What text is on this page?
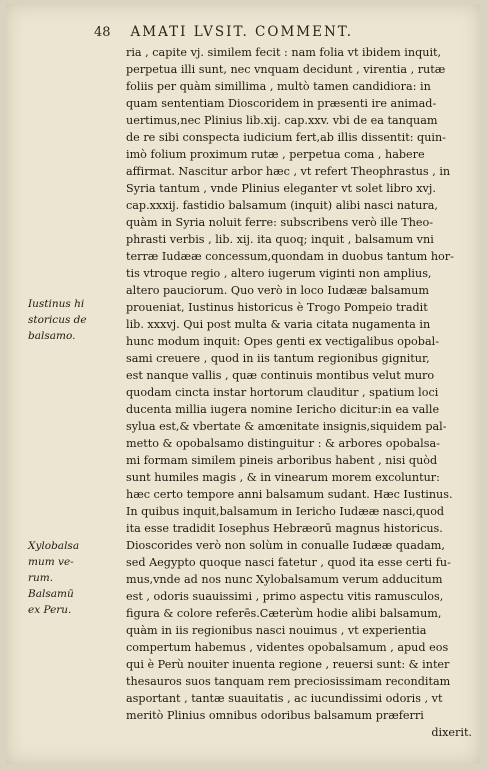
48 AMATI LVSIT. COMMENT.
Iustinus hi
storicus de
balsamo.
Xylobalsa
mum ve-
rum.
Balsamū
ex Peru.
ria , capite vj. similem fecit : nam folia vt ibidem inquit,
perpetua illi sunt, nec vnquam decidunt , virentia , rutæ
foliis per quàm simillima , multò tamen candidiora: in
quam sententiam Dioscoridem in præsenti ire animad-
uertimus,nec Plinius lib.xij. cap.xxv. vbi de ea tanquam
de re sibi conspecta iudicium fert,ab illis dissentit: quin-
imò folium proximum rutæ , perpetua coma , habere
affirmat. Nascitur arbor hæc , vt refert Theophrastus , in
Syria tantum , vnde Plinius eleganter vt solet libro xvj.
cap.xxxij. fastidio balsamum (inquit) alibi nasci natura,
quàm in Syria noluit ferre: subscribens verò ille Theo-
phrasti verbis , lib. xij. ita quoq; inquit , balsamum vni
terræ Iudææ concessum,quondam in duobus tantum hor-
tis vtroque regio , altero iugerum viginti non amplius,
altero pauciorum. Quo verò in loco Iudææ balsamum
proueniat, Iustinus historicus è Trogo Pompeio tradit
lib. xxxvj. Qui post multa & varia citata nugamenta in
hunc modum inquit: Opes genti ex vectigalibus opobal-
sami creuere , quod in iis tantum regionibus gignitur,
est nanque vallis , quæ continuis montibus velut muro
quodam cincta instar hortorum clauditur , spatium loci
ducenta millia iugera nomine Iericho dicitur:in ea valle
sylua est,& vbertate & amœnitate insignis,siquidem pal-
metto & opobalsamo distinguitur : & arbores opobalsa-
mi formam similem pineis arboribus habent , nisi quòd
sunt humiles magis , & in vinearum morem excoluntur:
hæc certo tempore anni balsamum sudant. Hæc Iustinus.
In quibus inquit,balsamum in Iericho Iudææ nasci,quod
ita esse tradidit Iosephus Hebræorū magnus historicus.
Dioscorides verò non solùm in conualle Iudææ quadam,
sed Aegypto quoque nasci fatetur , quod ita esse certi fu-
mus,vnde ad nos nunc Xylobalsamum verum adducitum
est , odoris suauissimi , primo aspectu vitis ramusculos,
figura & colore referēs.Cæterùm hodie alibi balsamum,
quàm in iis regionibus nasci nouimus , vt experientia
compertum habemus , videntes opobalsamum , apud eos
qui è Perù nouiter inuenta regione , reuersi sunt: & inter
thesauros suos tanquam rem preciosissimam reconditam
asportant , tantæ suauitatis , ac iucundissimi odoris , vt
meritò Plinius omnibus odoribus balsamum præferri
dixerit.
